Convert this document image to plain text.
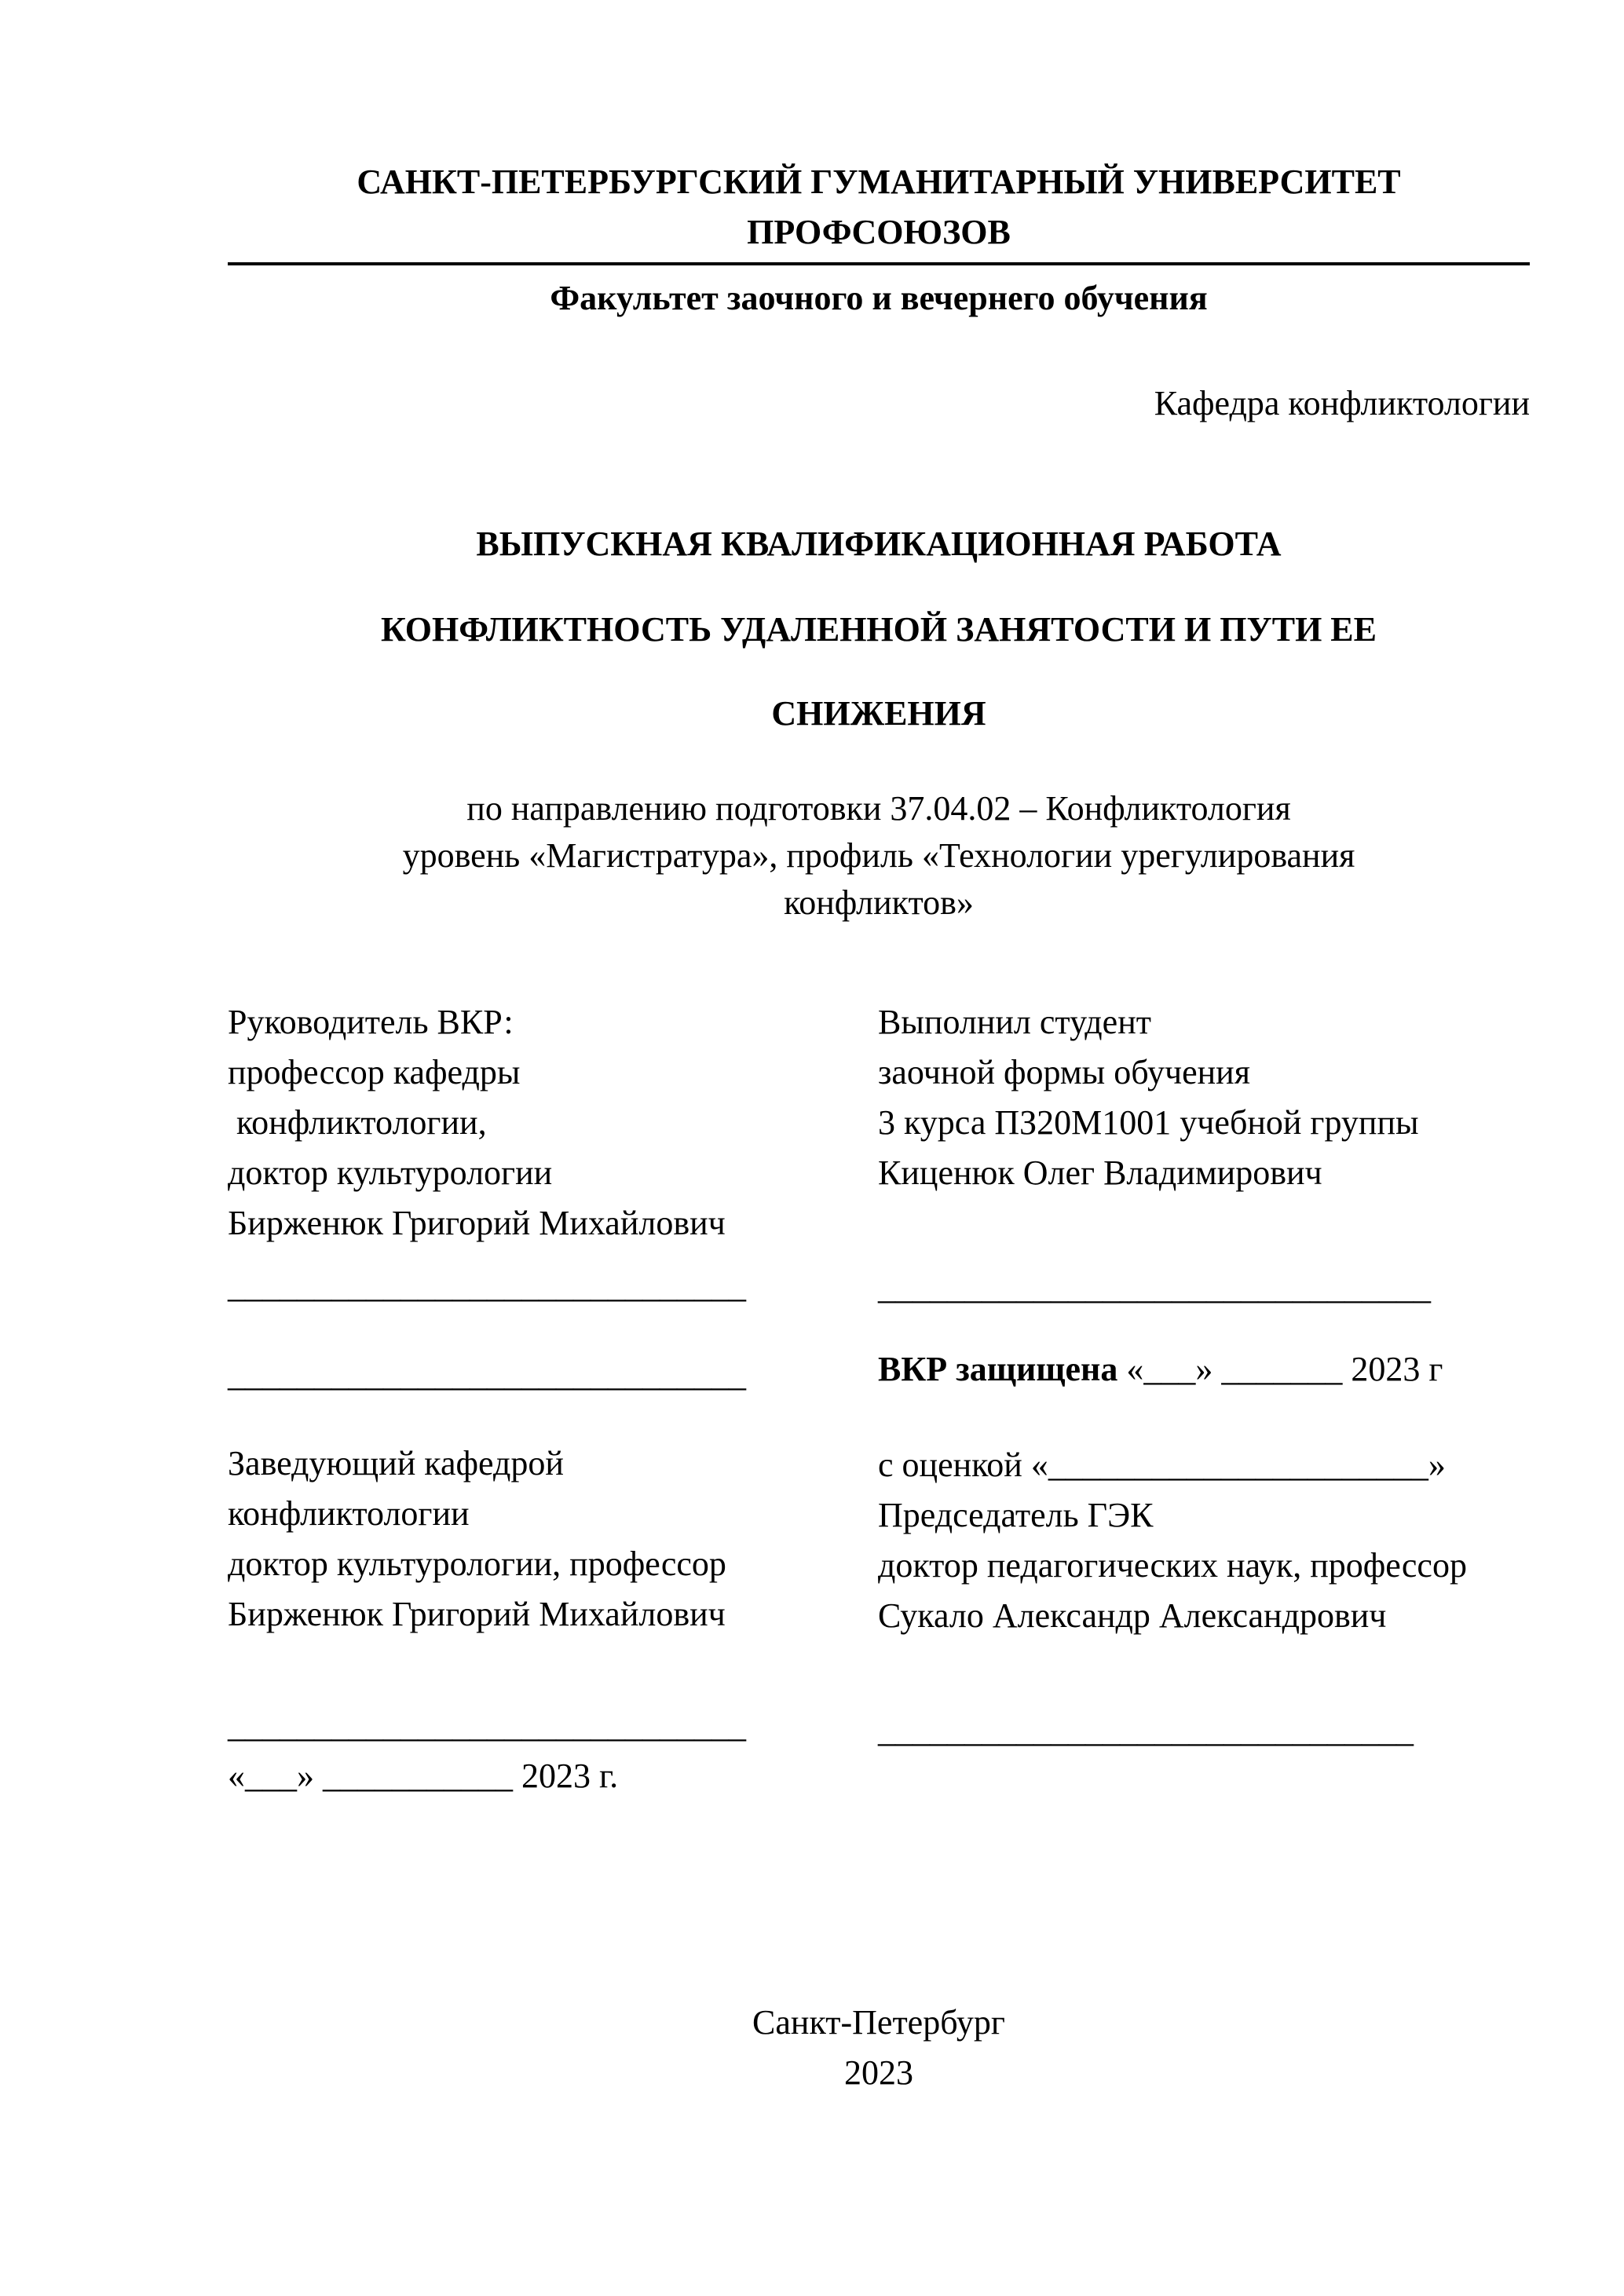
САНКТ-ПЕТЕРБУРГСКИЙ ГУМАНИТАРНЫЙ УНИВЕРСИТЕТ ПРОФСОЮЗОВ
Факультет заочного и вечернего обучения
Кафедра конфликтологии
ВЫПУСКНАЯ КВАЛИФИКАЦИОННАЯ РАБОТА
КОНФЛИКТНОСТЬ УДАЛЕННОЙ ЗАНЯТОСТИ И ПУТИ ЕЕ
СНИЖЕНИЯ

по направлению подготовки 37.04.02 – Конфликтология

уровень «Магистратура», профиль «Технологии урегулирования

конфликтов»

Руководитель ВКР:

профессор кафедры

конфликтологии,

доктор культурологии

Бирженюк Григорий Михайлович

______________________________

______________________________

Заведующий кафедрой

конфликтологии

доктор культурологии, профессор

Бирженюк Григорий Михайлович

______________________________

«___» ___________ 2023 г.

Выполнил студент

заочной формы обучения

3 курса ПЗ20М1001 учебной группы

Киценюк Олег Владимирович

________________________________

ВКР защищена «___» _______ 2023 г

с оценкой «______________________»

Председатель ГЭК

доктор педагогических наук, профессор

Сукало Александр Александрович

_______________________________

Санкт-Петербург

2023
